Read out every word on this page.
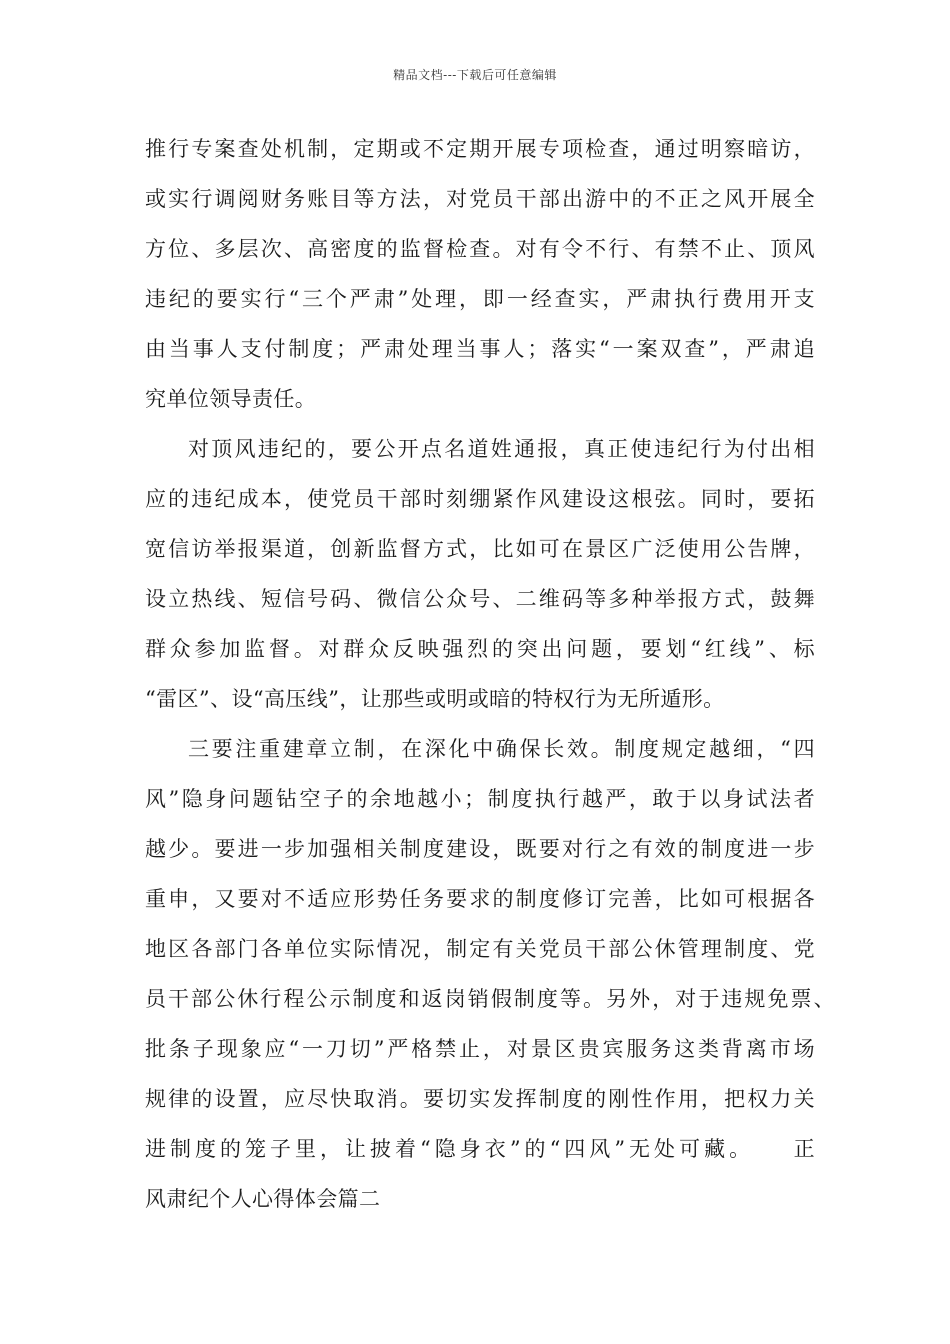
精品文档---下载后可任意编辑
推行专案查处机制，定期或不定期开展专项检查，通过明察暗访，
或实行调阅财务账目等方法，对党员干部出游中的不正之风开展全
方位、多层次、高密度的监督检查。对有令不行、有禁不止、顶风
违纪的要实行“三个严肃”处理，即一经查实，严肃执行费用开支
由当事人支付制度；严肃处理当事人；落实“一案双查”，严肃追
究单位领导责任。
对顶风违纪的，要公开点名道姓通报，真正使违纪行为付出相
应的违纪成本，使党员干部时刻绷紧作风建设这根弦。同时，要拓
宽信访举报渠道，创新监督方式，比如可在景区广泛使用公告牌，
设立热线、短信号码、微信公众号、二维码等多种举报方式，鼓舞
群众参加监督。对群众反映强烈的突出问题，要划“红线”、标
“雷区”、设“高压线”，让那些或明或暗的特权行为无所遁形。
三要注重建章立制，在深化中确保长效。制度规定越细，“四
风”隐身问题钻空子的余地越小；制度执行越严，敢于以身试法者
越少。要进一步加强相关制度建设，既要对行之有效的制度进一步
重申，又要对不适应形势任务要求的制度修订完善，比如可根据各
地区各部门各单位实际情况，制定有关党员干部公休管理制度、党
员干部公休行程公示制度和返岗销假制度等。另外，对于违规免票、
批条子现象应“一刀切”严格禁止，对景区贵宾服务这类背离市场
规律的设置，应尽快取消。要切实发挥制度的刚性作用，把权力关
进制度的笼子里，让披着“隐身衣”的“四风”无处可藏。　　正
风肃纪个人心得体会篇二
